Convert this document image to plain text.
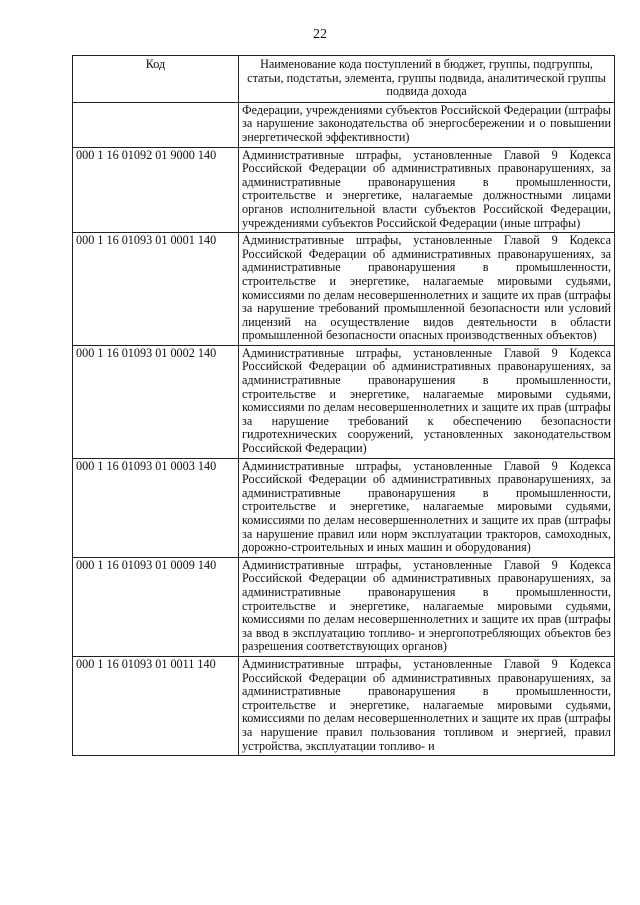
22
Код	Наименование кода поступлений в бюджет, группы, подгруппы, статьи, подстатьи, элемента, группы подвида, аналитической группы подвида дохода
	Федерации, учреждениями субъектов Российской Федерации (штрафы за нарушение законодательства об энергосбережении и о повышении энергетической эффективности)
000 1 16 01092 01 9000 140	Административные штрафы, установленные Главой 9 Кодекса Российской Федерации об административных правонарушениях, за административные правонарушения в промышленности, строительстве и энергетике, налагаемые должностными лицами органов исполнительной власти субъектов Российской Федерации, учреждениями субъектов Российской Федерации (иные штрафы)
000 1 16 01093 01 0001 140	Административные штрафы, установленные Главой 9 Кодекса Российской Федерации об административных правонарушениях, за административные правонарушения в промышленности, строительстве и энергетике, налагаемые мировыми судьями, комиссиями по делам несовершеннолетних и защите их прав (штрафы за нарушение требований промышленной безопасности или условий лицензий на осуществление видов деятельности в области промышленной безопасности опасных производственных объектов)
000 1 16 01093 01 0002 140	Административные штрафы, установленные Главой 9 Кодекса Российской Федерации об административных правонарушениях, за административные правонарушения в промышленности, строительстве и энергетике, налагаемые мировыми судьями, комиссиями по делам несовершеннолетних и защите их прав (штрафы за нарушение требований к обеспечению безопасности гидротехнических сооружений, установленных законодательством Российской Федерации)
000 1 16 01093 01 0003 140	Административные штрафы, установленные Главой 9 Кодекса Российской Федерации об административных правонарушениях, за административные правонарушения в промышленности, строительстве и энергетике, налагаемые мировыми судьями, комиссиями по делам несовершеннолетних и защите их прав (штрафы за нарушение правил или норм эксплуатации тракторов, самоходных, дорожно-строительных и иных машин и оборудования)
000 1 16 01093 01 0009 140	Административные штрафы, установленные Главой 9 Кодекса Российской Федерации об административных правонарушениях, за административные правонарушения в промышленности, строительстве и энергетике, налагаемые мировыми судьями, комиссиями по делам несовершеннолетних и защите их прав (штрафы за ввод в эксплуатацию топливо- и энергопотребляющих объектов без разрешения соответствующих органов)
000 1 16 01093 01 0011 140	Административные штрафы, установленные Главой 9 Кодекса Российской Федерации об административных правонарушениях, за административные правонарушения в промышленности, строительстве и энергетике, налагаемые мировыми судьями, комиссиями по делам несовершеннолетних и защите их прав (штрафы за нарушение правил пользования топливом и энергией, правил устройства, эксплуатации топливо- и
